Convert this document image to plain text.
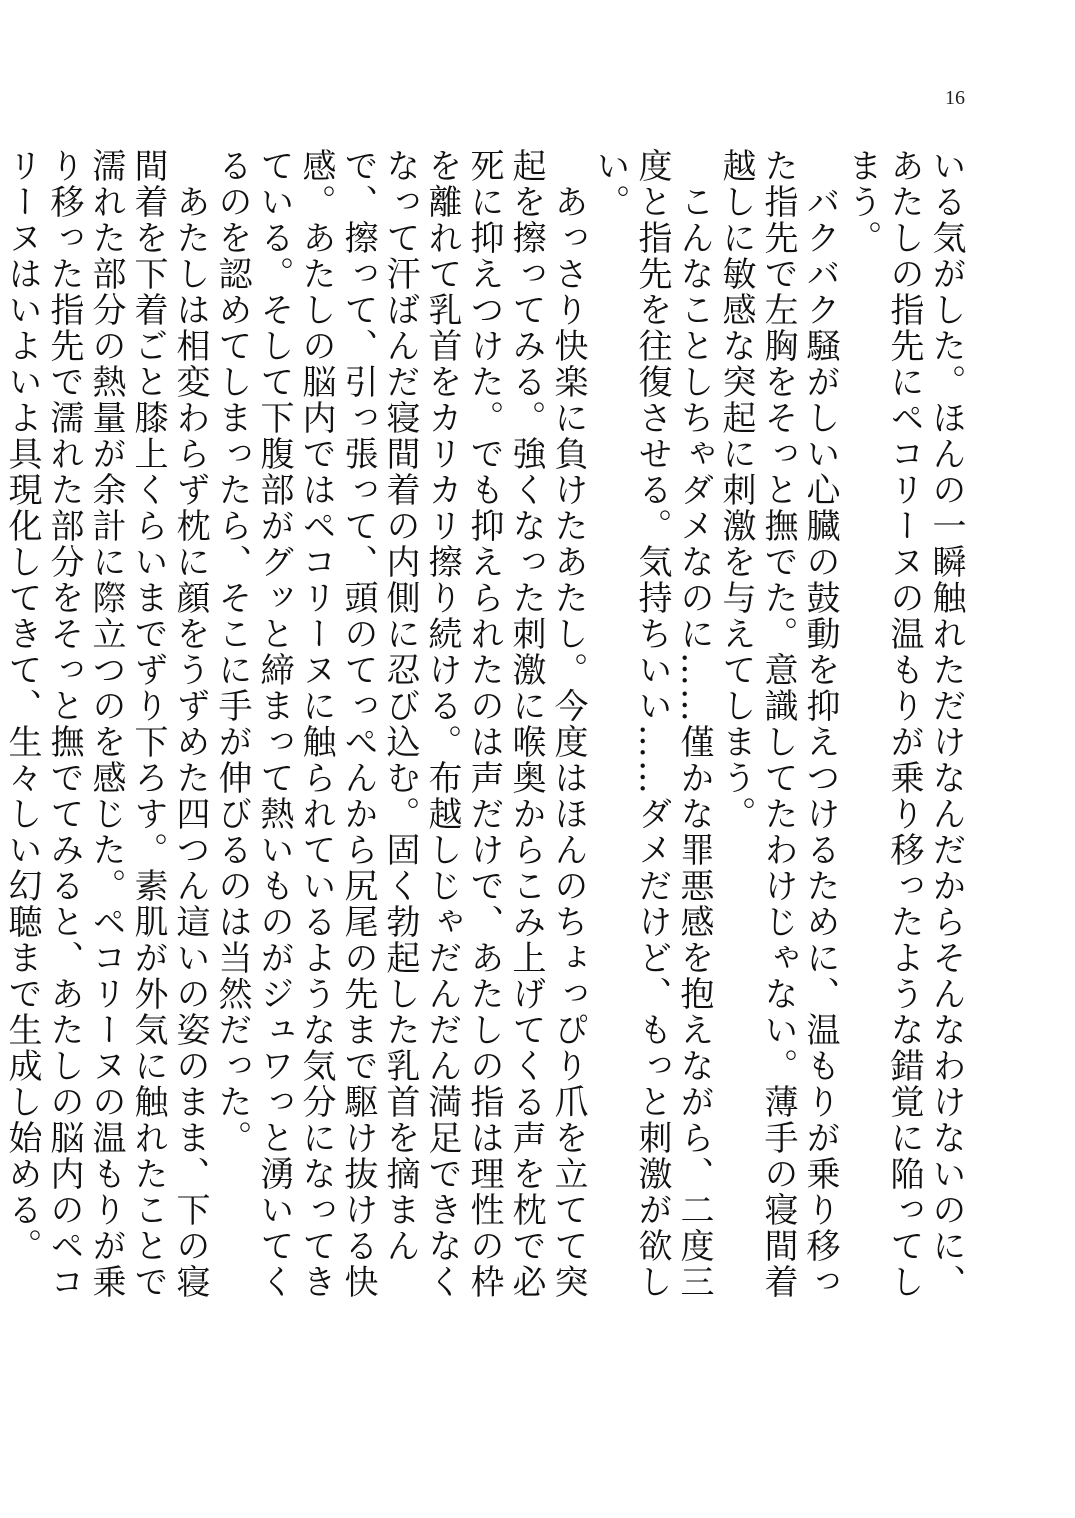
16

いる気がした。ほんの一瞬触れただけなんだからそんなわけないのに、あたしの指先にペコリーヌの温もりが乗り移ったような錯覚に陥ってしまう。

　バクバク騒がしい心臓の鼓動を抑えつけるために、温もりが乗り移った指先で左胸をそっと撫でた。意識してたわけじゃない。薄手の寝間着越しに敏感な突起に刺激を与えてしまう。

　こんなことしちゃダメなのに……僅かな罪悪感を抱えながら、二度三度と指先を往復させる。気持ちいい……ダメだけど、もっと刺激が欲しい。

　あっさり快楽に負けたあたし。今度はほんのちょっぴり爪を立てて突起を擦ってみる。強くなった刺激に喉奥からこみ上げてくる声を枕で必死に抑えつけた。でも抑えられたのは声だけで、あたしの指は理性の枠を離れて乳首をカリカリ擦り続ける。布越しじゃだんだん満足できなくなって汗ばんだ寝間着の内側に忍び込む。固く勃起した乳首を摘まんで、擦って、引っ張って、頭のてっぺんから尻尾の先まで駆け抜ける快感。あたしの脳内ではペコリーヌに触られているような気分になってきている。そして下腹部がグッと締まって熱いものがジュワっと湧いてくるのを認めてしまったら、そこに手が伸びるのは当然だった。

　あたしは相変わらず枕に顔をうずめた四つん這いの姿のまま、下の寝間着を下着ごと膝上くらいまでずり下ろす。素肌が外気に触れたことで濡れた部分の熱量が余計に際立つのを感じた。ペコリーヌの温もりが乗り移った指先で濡れた部分をそっと撫でてみると、あたしの脳内のペコリーヌはいよいよ具現化してきて、生々しい幻聴まで生成し始める。
